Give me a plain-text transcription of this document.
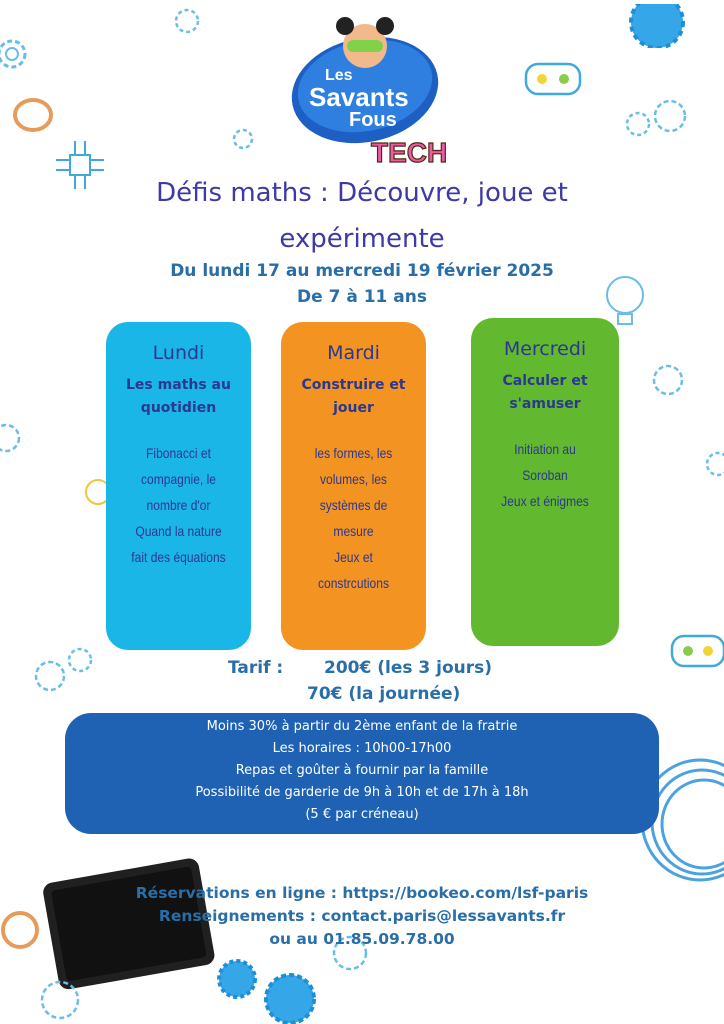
Les
Savants
Fous
TECH
Défis maths : Découvre, joue et
expérimente
Du lundi 17 au mercredi 19 février 2025
De 7 à 11 ans
Lundi
Les maths au
quotidien
Fibonacci et
compagnie, le
nombre d'or
Quand la nature
fait des équations
Mardi
Construire et
jouer
les formes, les
volumes, les
systèmes de mesure
Jeux et
constrcutions
Mercredi
Calculer et
s'amuser
Initiation au
Soroban
Jeux et énigmes
Tarif : 200€ (les 3 jours)
70€ (la journée)
Moins 30% à partir du 2ème enfant de la fratrie
Les horaires : 10h00-17h00
Repas et goûter à fournir par la famille
Possibilité de garderie de 9h à 10h et de 17h à 18h
(5 € par créneau)
Réservations en ligne : https://bookeo.com/lsf-paris
Renseignements : contact.paris@lessavants.fr
ou au 01.85.09.78.00
